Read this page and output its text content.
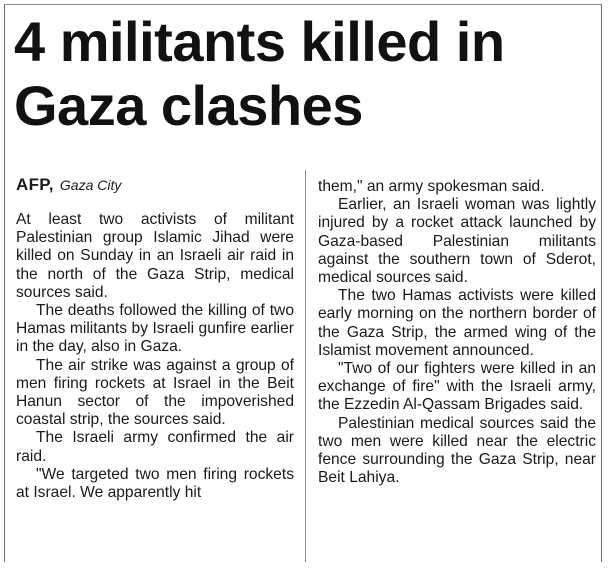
4 militants killed in Gaza clashes
AFP, Gaza City

At least two activists of militant Palestinian group Islamic Jihad were killed on Sunday in an Israeli air raid in the north of the Gaza Strip, medical sources said.

The deaths followed the killing of two Hamas militants by Israeli gunfire earlier in the day, also in Gaza.

The air strike was against a group of men firing rockets at Israel in the Beit Hanun sector of the impoverished coastal strip, the sources said.

The Israeli army confirmed the air raid.

"We targeted two men firing rockets at Israel. We apparently hit

them," an army spokesman said.

Earlier, an Israeli woman was lightly injured by a rocket attack launched by Gaza-based Palestinian militants against the southern town of Sderot, medical sources said.

The two Hamas activists were killed early morning on the northern border of the Gaza Strip, the armed wing of the Islamist movement announced.

"Two of our fighters were killed in an exchange of fire" with the Israeli army, the Ezzedin Al-Qassam Brigades said.

Palestinian medical sources said the two men were killed near the electric fence surrounding the Gaza Strip, near Beit Lahiya.
